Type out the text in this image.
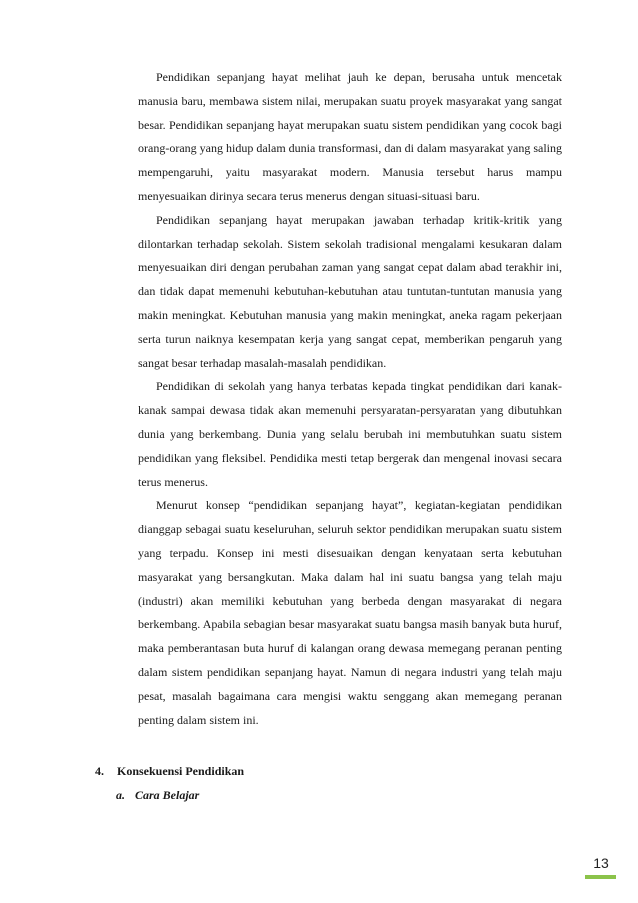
Pendidikan sepanjang hayat melihat jauh ke depan, berusaha untuk mencetak manusia baru, membawa sistem nilai, merupakan suatu proyek masyarakat yang sangat besar. Pendidikan sepanjang hayat merupakan suatu sistem pendidikan yang cocok bagi orang-orang yang hidup dalam dunia transformasi, dan di dalam masyarakat yang saling mempengaruhi, yaitu masyarakat modern. Manusia tersebut harus mampu menyesuaikan dirinya secara terus menerus dengan situasi-situasi baru.

Pendidikan sepanjang hayat merupakan jawaban terhadap kritik-kritik yang dilontarkan terhadap sekolah. Sistem sekolah tradisional mengalami kesukaran dalam menyesuaikan diri dengan perubahan zaman yang sangat cepat dalam abad terakhir ini, dan tidak dapat memenuhi kebutuhan-kebutuhan atau tuntutan-tuntutan manusia yang makin meningkat. Kebutuhan manusia yang makin meningkat, aneka ragam pekerjaan serta turun naiknya kesempatan kerja yang sangat cepat, memberikan pengaruh yang sangat besar terhadap masalah-masalah pendidikan.

Pendidikan di sekolah yang hanya terbatas kepada tingkat pendidikan dari kanak-kanak sampai dewasa tidak akan memenuhi persyaratan-persyaratan yang dibutuhkan dunia yang berkembang. Dunia yang selalu berubah ini membutuhkan suatu sistem pendidikan yang fleksibel. Pendidika mesti tetap bergerak dan mengenal inovasi secara terus menerus.

Menurut konsep “pendidikan sepanjang hayat”, kegiatan-kegiatan pendidikan dianggap sebagai suatu keseluruhan, seluruh sektor pendidikan merupakan suatu sistem yang terpadu. Konsep ini mesti disesuaikan dengan kenyataan serta kebutuhan masyarakat yang bersangkutan. Maka dalam hal ini suatu bangsa yang telah maju (industri) akan memiliki kebutuhan yang berbeda dengan masyarakat di negara berkembang. Apabila sebagian besar masyarakat suatu bangsa masih banyak buta huruf, maka pemberantasan buta huruf di kalangan orang dewasa memegang peranan penting dalam sistem pendidikan sepanjang hayat. Namun di negara industri yang telah maju pesat, masalah bagaimana cara mengisi waktu senggang akan memegang peranan penting dalam sistem ini.

4. Konsekuensi Pendidikan
a. Cara Belajar
13
